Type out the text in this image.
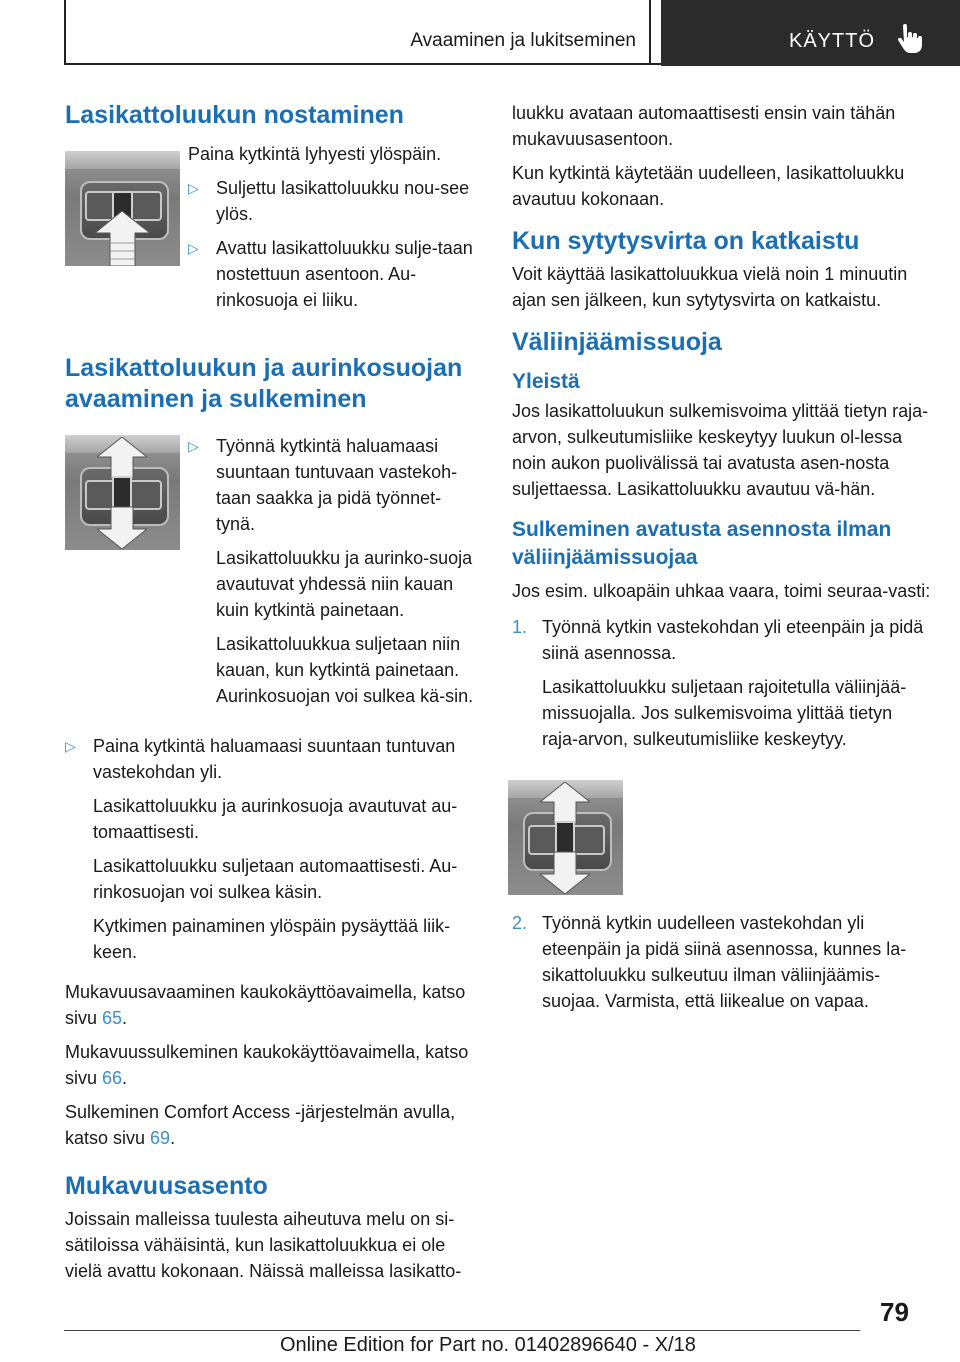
Avaaminen ja lukitseminen	KÄYTTÖ
Lasikattoluukun nostaminen

Paina kytkintä lyhyesti ylöspäin.

▷ Suljettu lasikattoluukku nou-see ylös.
▷ Avattu lasikattoluukku sulje-taan nostettuun asentoon. Au-rinkosuoja ei liiku.
Lasikattoluukun ja aurinkosuojan avaaminen ja sulkeminen
▷ Työnnä kytkintä haluamaasi suuntaan tuntuvaan vastekoh-taan saakka ja pidä työnnet-tynä.

Lasikattoluukku ja aurinko-suoja avautuvat yhdessä niin kauan kuin kytkintä painetaan.

Lasikattoluukkua suljetaan niin kauan, kun kytkintä painetaan. Aurinkosuojan voi sulkea kä-sin.

▷ Paina kytkintä haluamaasi suuntaan tuntuvan vastekohdan yli.

Lasikattoluukku ja aurinkosuoja avautuvat au-tomaattisesti.

Lasikattoluukku suljetaan automaattisesti. Au-rinkosuojan voi sulkea käsin.

Kytkimen painaminen ylöspäin pysäyttää liik-keen.

Mukavuusavaaminen kaukokäyttöavaimella, katso sivu 65.

Mukavuussulkeminen kaukokäyttöavaimella, katso sivu 66.

Sulkeminen Comfort Access -järjestelmän avulla, katso sivu 69.

Mukavuusasento

Joissain malleissa tuulesta aiheutuva melu on si-sätiloissa vähäisintä, kun lasikattoluukkua ei ole vielä avattu kokonaan. Näissä malleissa lasikatto-

luukku avataan automaattisesti ensin vain tähän mukavuusasentoon.

Kun kytkintä käytetään uudelleen, lasikattoluukku avautuu kokonaan.

Kun sytytysvirta on katkaistu

Voit käyttää lasikattoluukkua vielä noin 1 minuutin ajan sen jälkeen, kun sytytysvirta on katkaistu.

Väliinjäämissuoja
Yleistä

Jos lasikattoluukun sulkemisvoima ylittää tietyn raja-arvon, sulkeutumisliike keskeytyy luukun ol-lessa noin aukon puolivälissä tai avatusta asen-nosta suljettaessa. Lasikattoluukku avautuu vä-hän.

Sulkeminen avatusta asennosta ilman väliinjäämissuojaa

Jos esim. ulkoapäin uhkaa vaara, toimi seuraa-vasti:

1. Työnnä kytkin vastekohdan yli eteenpäin ja pidä siinä asennossa.

Lasikattoluukku suljetaan rajoitetulla väliinjää-missuojalla. Jos sulkemisvoima ylittää tietyn raja-arvon, sulkeutumisliike keskeytyy.

2. Työnnä kytkin uudelleen vastekohdan yli eteenpäin ja pidä siinä asennossa, kunnes la-sikattoluukku sulkeutuu ilman väliinjäämis-suojaa. Varmista, että liikealue on vapaa.

79
Online Edition for Part no. 01402896640 - X/18
